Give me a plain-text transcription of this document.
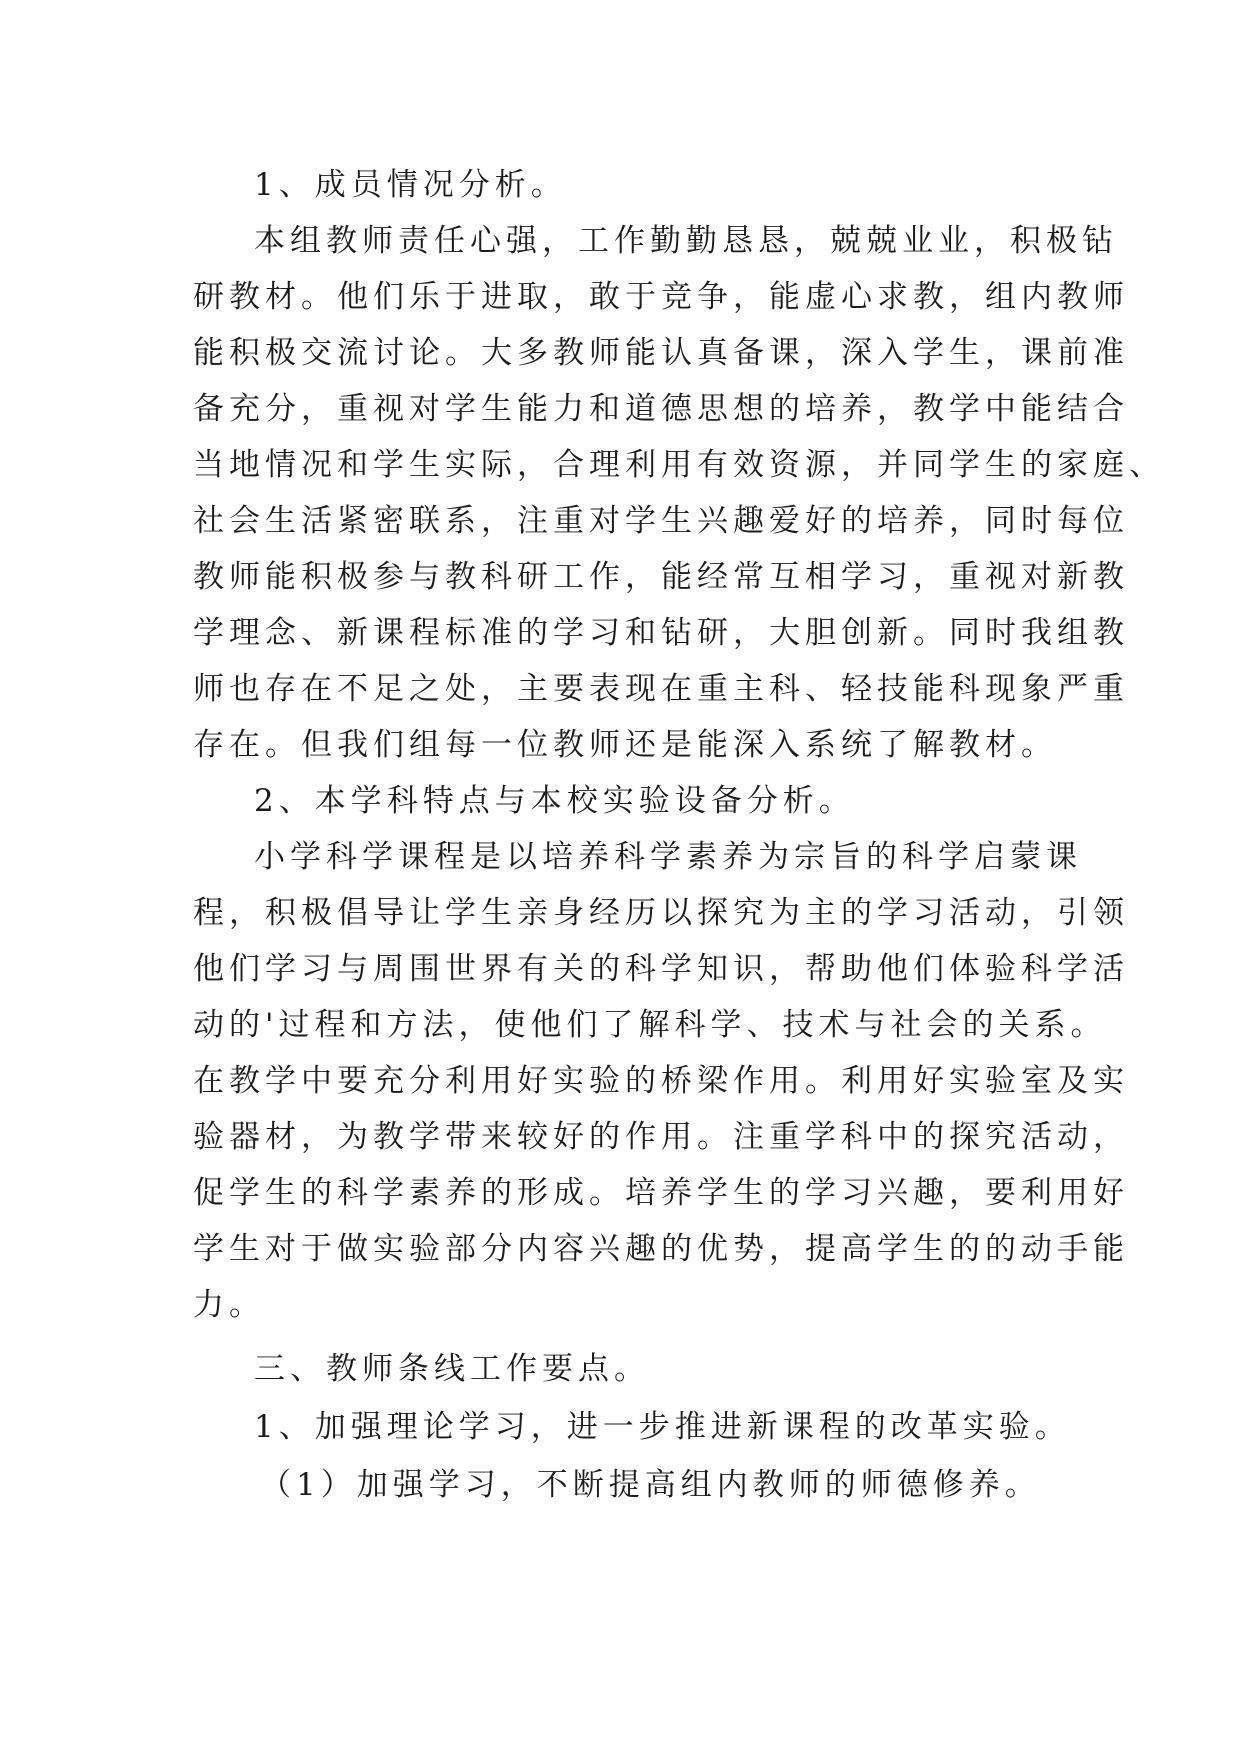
1、成员情况分析。
本组教师责任心强，工作勤勤恳恳，兢兢业业，积极钻
研教材。他们乐于进取，敢于竞争，能虚心求教，组内教师
能积极交流讨论。大多教师能认真备课，深入学生，课前准
备充分，重视对学生能力和道德思想的培养，教学中能结合
当地情况和学生实际，合理利用有效资源，并同学生的家庭、
社会生活紧密联系，注重对学生兴趣爱好的培养，同时每位
教师能积极参与教科研工作，能经常互相学习，重视对新教
学理念、新课程标准的学习和钻研，大胆创新。同时我组教
师也存在不足之处，主要表现在重主科、轻技能科现象严重
存在。但我们组每一位教师还是能深入系统了解教材。
2、本学科特点与本校实验设备分析。
小学科学课程是以培养科学素养为宗旨的科学启蒙课
程，积极倡导让学生亲身经历以探究为主的学习活动，引领
他们学习与周围世界有关的科学知识，帮助他们体验科学活
动的'过程和方法，使他们了解科学、技术与社会的关系。
在教学中要充分利用好实验的桥梁作用。利用好实验室及实
验器材，为教学带来较好的作用。注重学科中的探究活动，
促学生的科学素养的形成。培养学生的学习兴趣，要利用好
学生对于做实验部分内容兴趣的优势，提高学生的的动手能
力。
三、教师条线工作要点。
1、加强理论学习，进一步推进新课程的改革实验。
（1）加强学习，不断提高组内教师的师德修养。
